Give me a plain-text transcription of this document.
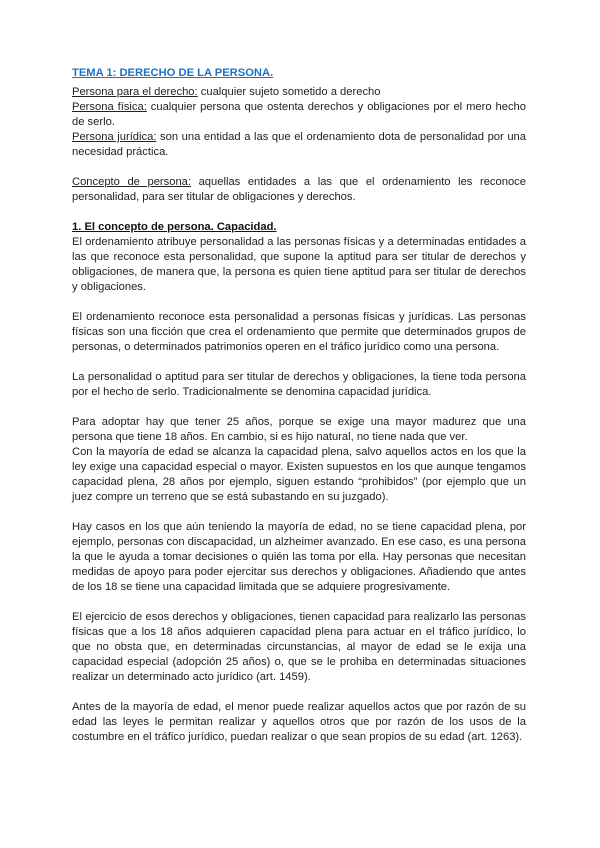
TEMA 1: DERECHO DE LA PERSONA.

Persona para el derecho: cualquier sujeto sometido a derecho

Persona física: cualquier persona que ostenta derechos y obligaciones por el mero hecho de serlo.

Persona jurídica: son una entidad a las que el ordenamiento dota de personalidad por una necesidad práctica.

Concepto de persona: aquellas entidades a las que el ordenamiento les reconoce personalidad, para ser titular de obligaciones y derechos.

1. El concepto de persona. Capacidad.

El ordenamiento atribuye personalidad a las personas físicas y a determinadas entidades a las que reconoce esta personalidad, que supone la aptitud para ser titular de derechos y obligaciones, de manera que, la persona es quien tiene aptitud para ser titular de derechos y obligaciones.

El ordenamiento reconoce esta personalidad a personas físicas y jurídicas. Las personas físicas son una ficción que crea el ordenamiento que permite que determinados grupos de personas, o determinados patrimonios operen en el tráfico jurídico como una persona.

La personalidad o aptitud para ser titular de derechos y obligaciones, la tiene toda persona por el hecho de serlo. Tradicionalmente se denomina capacidad jurídica.

Para adoptar hay que tener 25 años, porque se exige una mayor madurez que una persona que tiene 18 años. En cambio, si es hijo natural, no tiene nada que ver.

Con la mayoría de edad se alcanza la capacidad plena, salvo aquellos actos en los que la ley exige una capacidad especial o mayor. Existen supuestos en los que aunque tengamos capacidad plena, 28 años por ejemplo, siguen estando “prohibidos” (por ejemplo que un juez compre un terreno que se está subastando en su juzgado).

Hay casos en los que aún teniendo la mayoría de edad, no se tiene capacidad plena, por ejemplo, personas con discapacidad, un alzheimer avanzado. En ese caso, es una persona la que le ayuda a tomar decisiones o quién las toma por ella. Hay personas que necesitan medidas de apoyo para poder ejercitar sus derechos y obligaciones. Añadiendo que antes de los 18 se tiene una capacidad limitada que se adquiere progresivamente.

El ejercicio de esos derechos y obligaciones, tienen capacidad para realizarlo las personas físicas que a los 18 años adquieren capacidad plena para actuar en el tráfico jurídico, lo que no obsta que, en determinadas circunstancias, al mayor de edad se le exija una capacidad especial (adopción 25 años) o, que se le prohiba en determinadas situaciones realizar un determinado acto jurídico (art. 1459).

Antes de la mayoría de edad, el menor puede realizar aquellos actos que por razón de su edad las leyes le permitan realizar y aquellos otros que por razón de los usos de la costumbre en el tráfico jurídico, puedan realizar o que sean propios de su edad (art. 1263).
